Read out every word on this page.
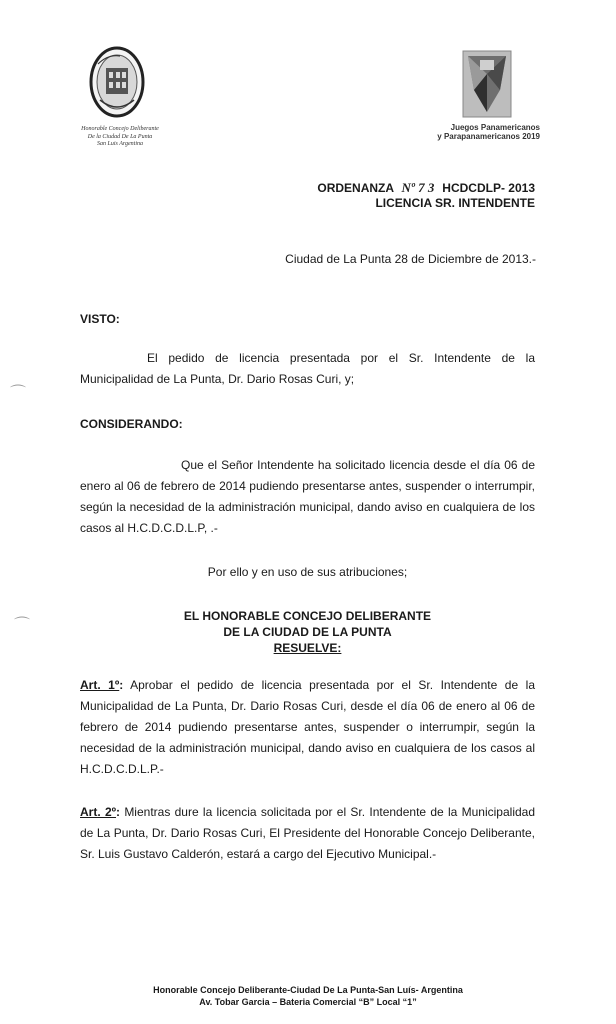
Honorable Concejo Deliberante
De la Ciudad De La Punta
San Luis Argentina
Juegos Panamericanos
y Parapanamericanos 2019
ORDENANZA Nº 7 3 HCDCDLP- 2013
LICENCIA SR. INTENDENTE
Ciudad de La Punta 28 de Diciembre de 2013.-
VISTO:
El pedido de licencia presentada por el Sr. Intendente de la Municipalidad de La Punta, Dr. Dario Rosas Curi, y;
CONSIDERANDO:
Que el Señor Intendente ha solicitado licencia desde el día 06 de enero al 06 de febrero de 2014 pudiendo presentarse antes, suspender o interrumpir, según la necesidad de la administración municipal, dando aviso en cualquiera de los casos al H.C.D.C.D.L.P, .-
Por ello y en uso de sus atribuciones;
EL HONORABLE CONCEJO DELIBERANTE
DE LA CIUDAD DE LA PUNTA
RESUELVE:
Art. 1º: Aprobar el pedido de licencia presentada por el Sr. Intendente de la Municipalidad de La Punta, Dr. Dario Rosas Curi, desde el día 06 de enero al 06 de febrero de 2014 pudiendo presentarse antes, suspender o interrumpir, según la necesidad de la administración municipal, dando aviso en cualquiera de los casos al H.C.D.C.D.L.P.-
Art. 2º: Mientras dure la licencia solicitada por el Sr. Intendente de la Municipalidad de La Punta, Dr. Dario Rosas Curi, El Presidente del Honorable Concejo Deliberante, Sr. Luis Gustavo Calderón, estará a cargo del Ejecutivo Municipal.-
⌒
⌒
Honorable Concejo Deliberante-Ciudad De La Punta-San Luís- Argentina
Av. Tobar Garcia – Bateria Comercial “B” Local “1”
